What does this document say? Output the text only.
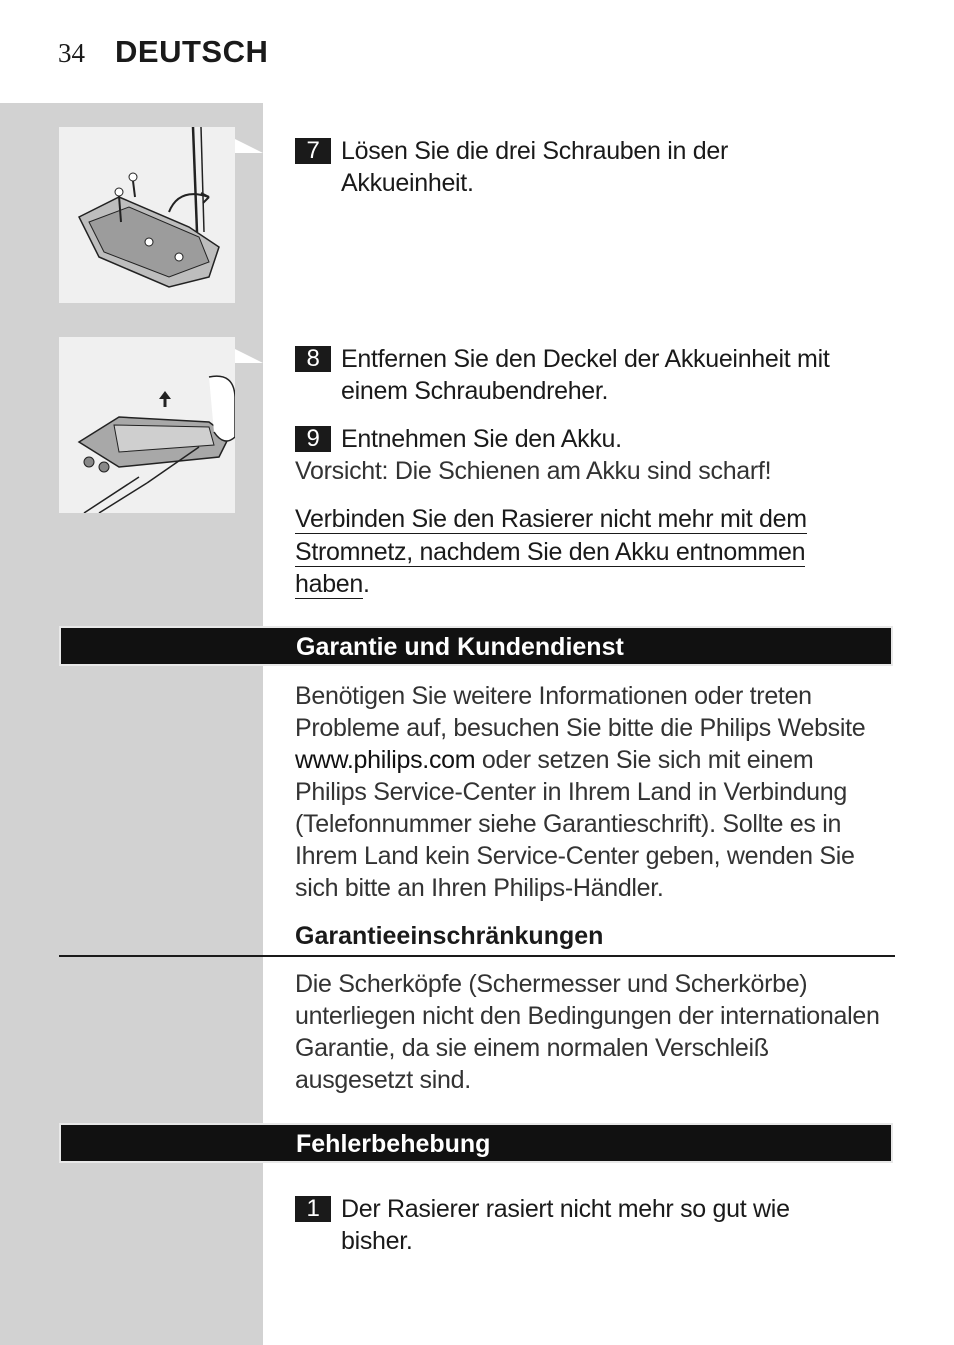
34 DEUTSCH
7 Lösen Sie die drei Schrauben in der Akkueinheit.
8 Entfernen Sie den Deckel der Akkueinheit mit einem Schraubendreher.
9 Entnehmen Sie den Akku.
Vorsicht: Die Schienen am Akku sind scharf!
Verbinden Sie den Rasierer nicht mehr mit dem
Stromnetz, nachdem Sie den Akku entnommen
haben.
Garantie und Kundendienst
Benötigen Sie weitere Informationen oder treten Probleme auf, besuchen Sie bitte die Philips Website www.philips.com oder setzen Sie sich mit einem Philips Service-Center in Ihrem Land in Verbindung (Telefonnummer siehe Garantieschrift). Sollte es in Ihrem Land kein Service-Center geben, wenden Sie sich bitte an Ihren Philips-Händler.
Garantieeinschränkungen
Die Scherköpfe (Schermesser und Scherkörbe) unterliegen nicht den Bedingungen der internationalen Garantie, da sie einem normalen Verschleiß ausgesetzt sind.
Fehlerbehebung
1 Der Rasierer rasiert nicht mehr so gut wie bisher.
